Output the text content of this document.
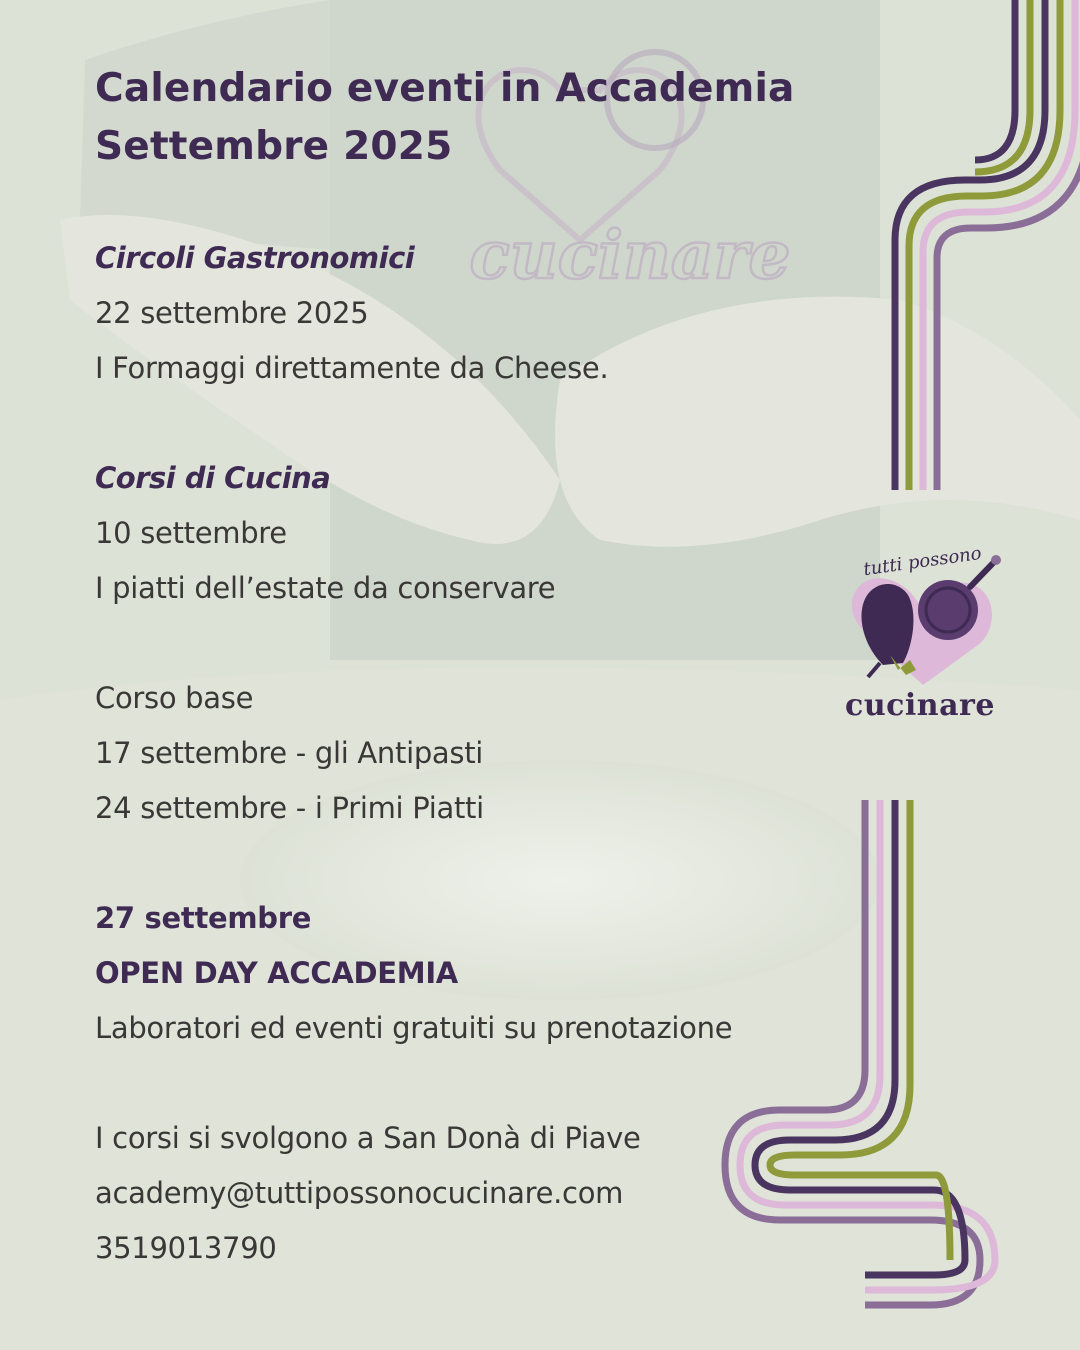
cucinare
tutti possono
cucinare
Calendario eventi in Accademia
Settembre 2025
Circoli Gastronomici
22 settembre 2025
I Formaggi direttamente da Cheese.
Corsi di Cucina
10 settembre
I piatti dell’estate da conservare
Corso base
17 settembre - gli Antipasti
24 settembre - i Primi Piatti
27 settembre
OPEN DAY ACCADEMIA
Laboratori ed eventi gratuiti su prenotazione
I corsi si svolgono a San Donà di Piave
academy@tuttipossonocucinare.com
3519013790
